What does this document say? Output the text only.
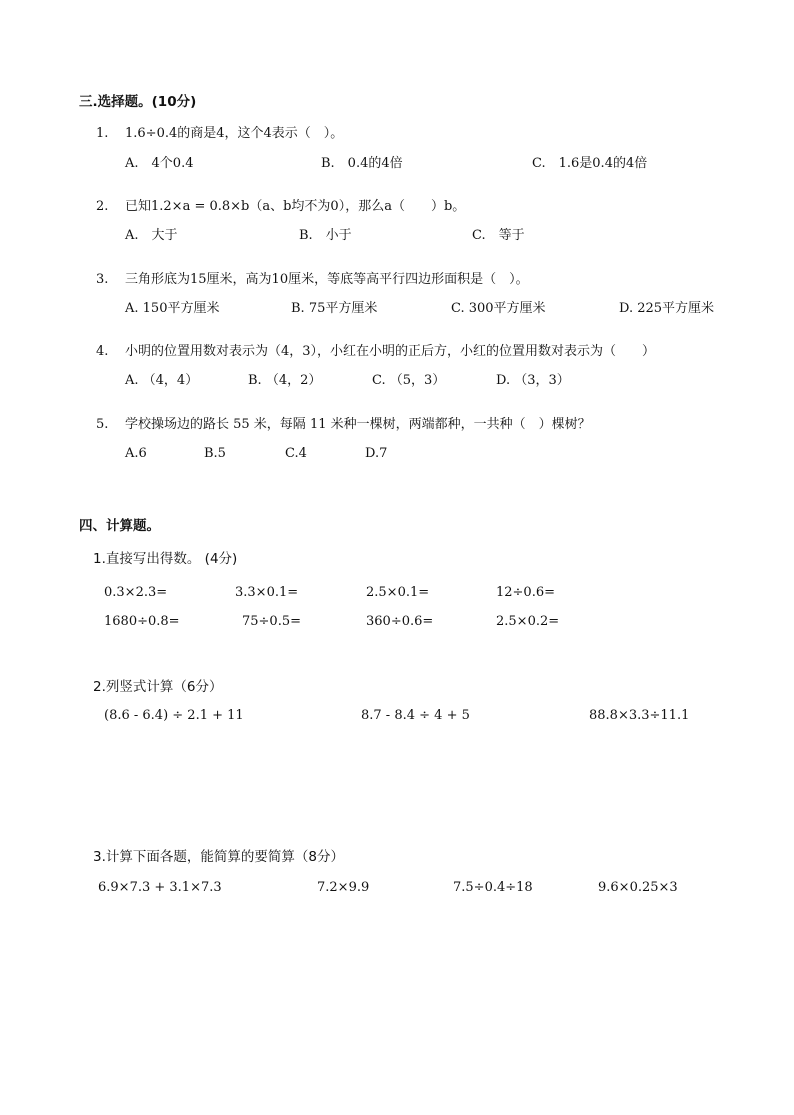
三.选择题。(10分)
1. 1.6÷0.4的商是4，这个4表示（　）。
A.　4个0.4	B.　0.4的4倍	C.　1.6是0.4的4倍
2. 已知1.2×a = 0.8×b（a、b均不为0），那么a（　　）b。
A.　大于	B.　小于	C.　等于
3. 三角形底为15厘米，高为10厘米，等底等高平行四边形面积是（　）。
A. 150平方厘米	B. 75平方厘米	C. 300平方厘米	D. 225平方厘米
4. 小明的位置用数对表示为（4，3），小红在小明的正后方，小红的位置用数对表示为（　　）
A. （4，4）	B. （4，2）	C. （5，3）	D. （3，3）
5. 学校操场边的路长 55 米，每隔 11 米种一棵树，两端都种，一共种（　）棵树？
A.6	B.5	C.4	D.7
四、计算题。
1.直接写出得数。 (4分)
0.3×2.3=	3.3×0.1=	2.5×0.1=	12÷0.6=
1680÷0.8=	75÷0.5=	360÷0.6=	2.5×0.2=
2.列竖式计算（6分）
(8.6 - 6.4) ÷ 2.1 + 11	8.7 - 8.4 ÷ 4 + 5	88.8×3.3÷11.1
3.计算下面各题，能简算的要简算（8分）
6.9×7.3 + 3.1×7.3	7.2×9.9	7.5÷0.4÷18	9.6×0.25×3
